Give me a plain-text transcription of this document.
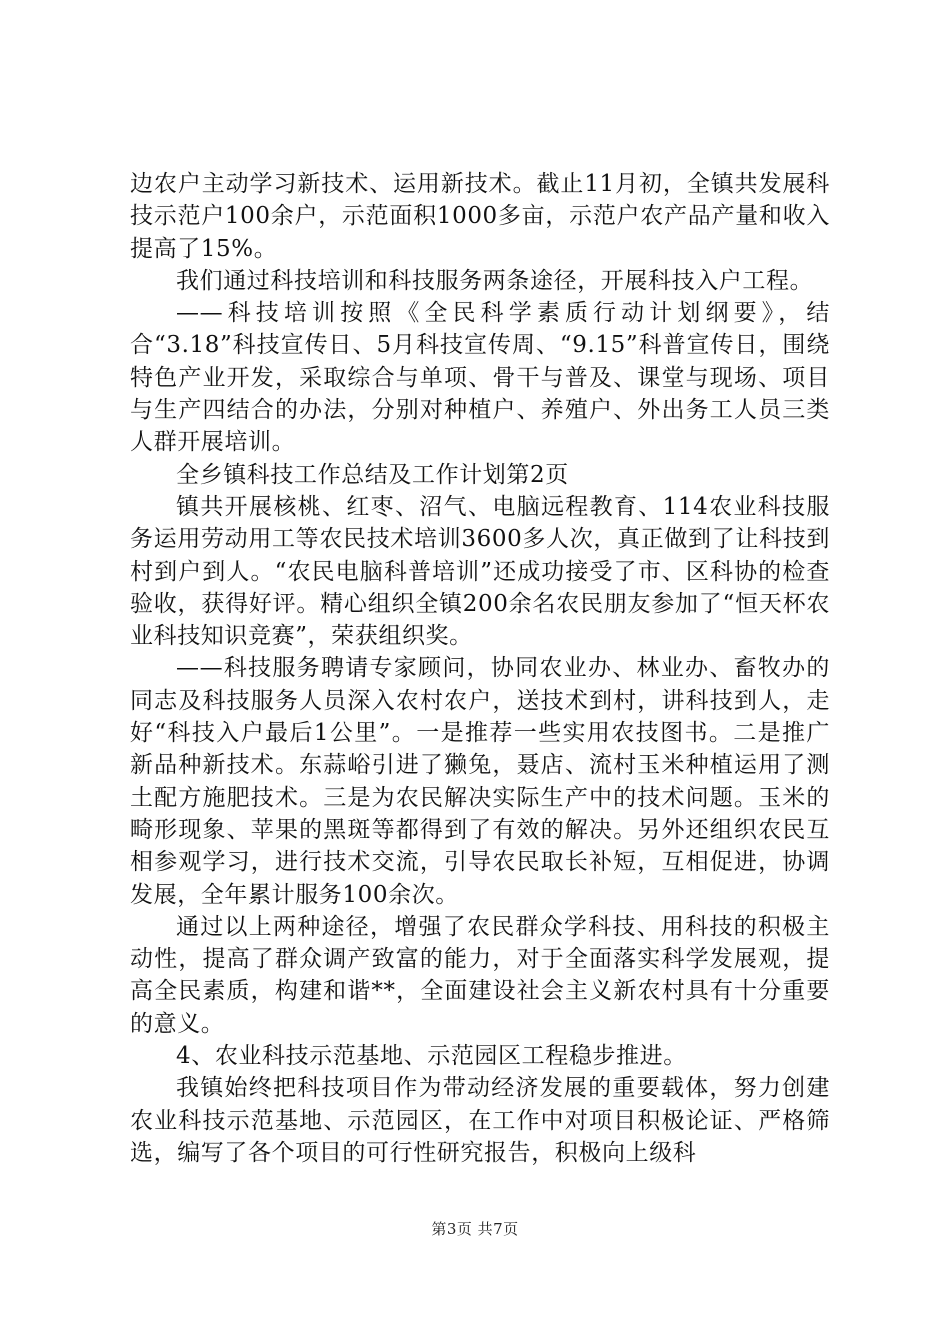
边农户主动学习新技术、运用新技术。截止11月初，全镇共发展科技示范户100余户，示范面积1000多亩，示范户农产品产量和收入提高了15%。

我们通过科技培训和科技服务两条途径，开展科技入户工程。

——科技培训按照《全民科学素质行动计划纲要》，结合“3.18”科技宣传日、5月科技宣传周、“9.15”科普宣传日，围绕特色产业开发，采取综合与单项、骨干与普及、课堂与现场、项目与生产四结合的办法，分别对种植户、养殖户、外出务工人员三类人群开展培训。

全乡镇科技工作总结及工作计划第2页

镇共开展核桃、红枣、沼气、电脑远程教育、114农业科技服务运用劳动用工等农民技术培训3600多人次，真正做到了让科技到村到户到人。“农民电脑科普培训”还成功接受了市、区科协的检查验收，获得好评。精心组织全镇200余名农民朋友参加了“恒天杯农业科技知识竞赛”，荣获组织奖。

——科技服务聘请专家顾问，协同农业办、林业办、畜牧办的同志及科技服务人员深入农村农户，送技术到村，讲科技到人，走好“科技入户最后1公里”。一是推荐一些实用农技图书。二是推广新品种新技术。东蒜峪引进了獭兔，聂店、流村玉米种植运用了测土配方施肥技术。三是为农民解决实际生产中的技术问题。玉米的畸形现象、苹果的黑斑等都得到了有效的解决。另外还组织农民互相参观学习，进行技术交流，引导农民取长补短，互相促进，协调发展，全年累计服务100余次。

通过以上两种途径，增强了农民群众学科技、用科技的积极主动性，提高了群众调产致富的能力，对于全面落实科学发展观，提高全民素质，构建和谐**，全面建设社会主义新农村具有十分重要的意义。

4、农业科技示范基地、示范园区工程稳步推进。

我镇始终把科技项目作为带动经济发展的重要载体，努力创建农业科技示范基地、示范园区，在工作中对项目积极论证、严格筛选，编写了各个项目的可行性研究报告，积极向上级科

第3页 共7页
